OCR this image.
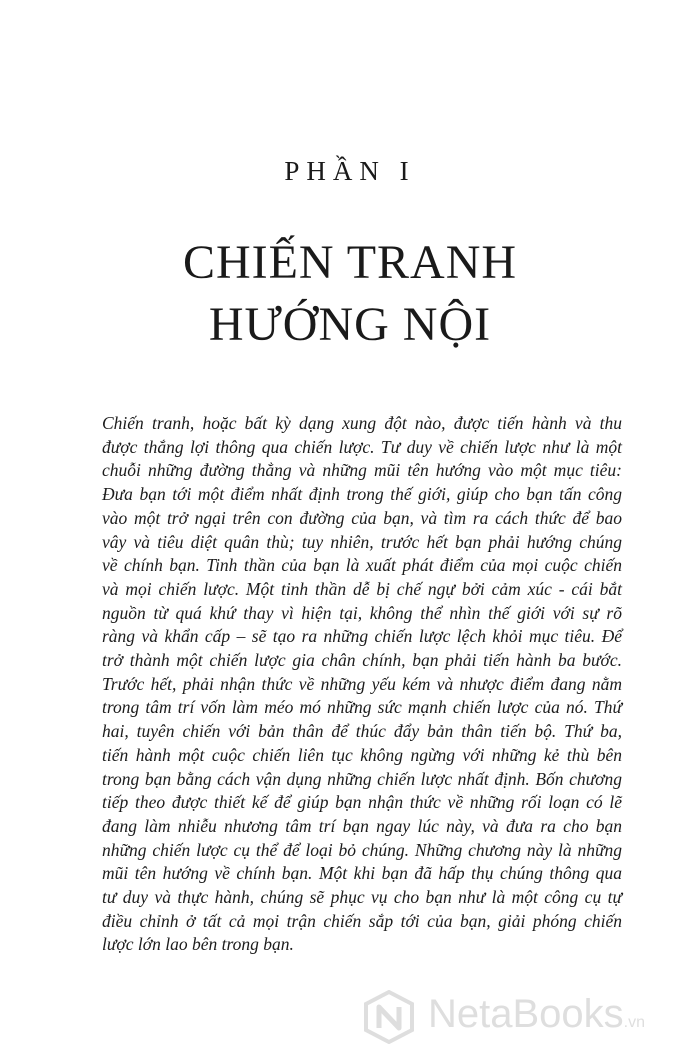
PHẦN I
CHIẾN TRANH
HƯỚNG NỘI
Chiến tranh, hoặc bất kỳ dạng xung đột nào, được tiến hành và thu
được thắng lợi thông qua chiến lược. Tư duy về chiến lược như là một
chuỗi những đường thẳng và những mũi tên hướng vào một mục tiêu:
Đưa bạn tới một điểm nhất định trong thế giới, giúp cho bạn tấn công
vào một trở ngại trên con đường của bạn, và tìm ra cách thức để bao
vây và tiêu diệt quân thù; tuy nhiên, trước hết bạn phải hướng chúng
về chính bạn. Tinh thần của bạn là xuất phát điểm của mọi cuộc chiến
và mọi chiến lược. Một tinh thần dễ bị chế ngự bởi cảm xúc - cái bắt
nguồn từ quá khứ thay vì hiện tại, không thể nhìn thế giới với sự rõ
ràng và khẩn cấp – sẽ tạo ra những chiến lược lệch khỏi mục tiêu. Để
trở thành một chiến lược gia chân chính, bạn phải tiến hành ba bước.
Trước hết, phải nhận thức về những yếu kém và nhược điểm đang nằm
trong tâm trí vốn làm méo mó những sức mạnh chiến lược của nó. Thứ
hai, tuyên chiến với bản thân để thúc đẩy bản thân tiến bộ. Thứ ba,
tiến hành một cuộc chiến liên tục không ngừng với những kẻ thù bên
trong bạn bằng cách vận dụng những chiến lược nhất định. Bốn chương
tiếp theo được thiết kế để giúp bạn nhận thức về những rối loạn có lẽ
đang làm nhiễu nhương tâm trí bạn ngay lúc này, và đưa ra cho bạn
những chiến lược cụ thể để loại bỏ chúng. Những chương này là những
mũi tên hướng về chính bạn. Một khi bạn đã hấp thụ chúng thông qua
tư duy và thực hành, chúng sẽ phục vụ cho bạn như là một công cụ tự
điều chỉnh ở tất cả mọi trận chiến sắp tới của bạn, giải phóng chiến
lược lớn lao bên trong bạn.
NetaBooks.vn
